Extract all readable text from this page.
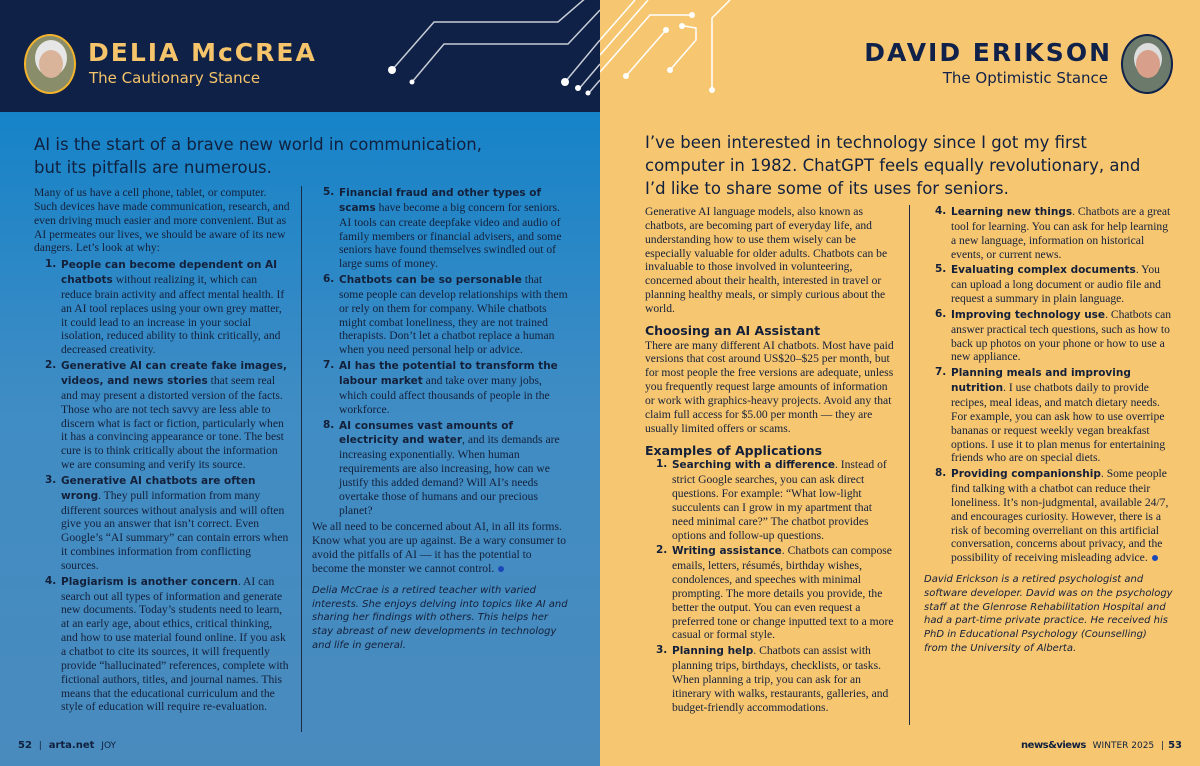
DELIA McCREA
The Cautionary Stance
AI is the start of a brave new world in communication, but its pitfalls are numerous.

Many of us have a cell phone, tablet, or computer. Such devices have made communication, research, and even driving much easier and more convenient. But as AI permeates our lives, we should be aware of its new dangers. Let’s look at why:

1. People can become dependent on AI chatbots without realizing it, which can reduce brain activity and affect mental health. If an AI tool replaces using your own grey matter, it could lead to an increase in your social isolation, reduced ability to think critically, and decreased creativity.
2. Generative AI can create fake images, videos, and news stories that seem real and may present a distorted version of the facts. Those who are not tech savvy are less able to discern what is fact or fiction, particularly when it has a convincing appearance or tone. The best cure is to think critically about the information we are consuming and verify its source.
3. Generative AI chatbots are often wrong. They pull information from many different sources without analysis and will often give you an answer that isn’t correct. Even Google’s “AI summary” can contain errors when it combines information from conflicting sources.
4. Plagiarism is another concern. AI can search out all types of information and generate new documents. Today’s students need to learn, at an early age, about ethics, critical thinking, and how to use material found online. If you ask a chatbot to cite its sources, it will frequently provide “hallucinated” references, complete with fictional authors, titles, and journal names. This means that the educational curriculum and the style of education will require re-evaluation.
5. Financial fraud and other types of scams have become a big concern for seniors. AI tools can create deepfake video and audio of family members or financial advisers, and some seniors have found themselves swindled out of large sums of money.
6. Chatbots can be so personable that some people can develop relationships with them or rely on them for company. While chatbots might combat loneliness, they are not trained therapists. Don’t let a chatbot replace a human when you need personal help or advice.
7. AI has the potential to transform the labour market and take over many jobs, which could affect thousands of people in the workforce.
8. AI consumes vast amounts of electricity and water, and its demands are increasing exponentially. When human requirements are also increasing, how can we justify this added demand? Will AI’s needs overtake those of humans and our precious planet?

We all need to be concerned about AI, in all its forms. Know what you are up against. Be a wary consumer to avoid the pitfalls of AI — it has the potential to become the monster we cannot control.

Delia McCrae is a retired teacher with varied interests. She enjoys delving into topics like AI and sharing her findings with others. This helps her stay abreast of new developments in technology and life in general.

52 | arta.net JOY
DAVID ERIKSON
The Optimistic Stance
I’ve been interested in technology since I got my first computer in 1982. ChatGPT feels equally revolutionary, and I’d like to share some of its uses for seniors.

Generative AI language models, also known as chatbots, are becoming part of everyday life, and understanding how to use them wisely can be especially valuable for older adults. Chatbots can be invaluable to those involved in volunteering, concerned about their health, interested in travel or planning healthy meals, or simply curious about the world.

Choosing an AI Assistant

There are many different AI chatbots. Most have paid versions that cost around US$20–$25 per month, but for most people the free versions are adequate, unless you frequently request large amounts of information or work with graphics-heavy projects. Avoid any that claim full access for $5.00 per month — they are usually limited offers or scams.

Examples of Applications
1. Searching with a difference. Instead of strict Google searches, you can ask direct questions. For example: “What low-light succulents can I grow in my apartment that need minimal care?” The chatbot provides options and follow-up questions.
2. Writing assistance. Chatbots can compose emails, letters, résumés, birthday wishes, condolences, and speeches with minimal prompting. The more details you provide, the better the output. You can even request a preferred tone or change inputted text to a more casual or formal style.
3. Planning help. Chatbots can assist with planning trips, birthdays, checklists, or tasks. When planning a trip, you can ask for an itinerary with walks, restaurants, galleries, and budget-friendly accommodations.
4. Learning new things. Chatbots are a great tool for learning. You can ask for help learning a new language, information on historical events, or current news.
5. Evaluating complex documents. You can upload a long document or audio file and request a summary in plain language.
6. Improving technology use. Chatbots can answer practical tech questions, such as how to back up photos on your phone or how to use a new appliance.
7. Planning meals and improving nutrition. I use chatbots daily to provide recipes, meal ideas, and match dietary needs. For example, you can ask how to use overripe bananas or request weekly vegan breakfast options. I use it to plan menus for entertaining friends who are on special diets.
8. Providing companionship. Some people find talking with a chatbot can reduce their loneliness. It’s non-judgmental, available 24/7, and encourages curiosity. However, there is a risk of becoming overreliant on this artificial conversation, concerns about privacy, and the possibility of receiving misleading advice.

David Erickson is a retired psychologist and software developer. David was on the psychology staff at the Glenrose Rehabilitation Hospital and had a part-time private practice. He received his PhD in Educational Psychology (Counselling) from the University of Alberta.

news&views WINTER 2025 | 53
